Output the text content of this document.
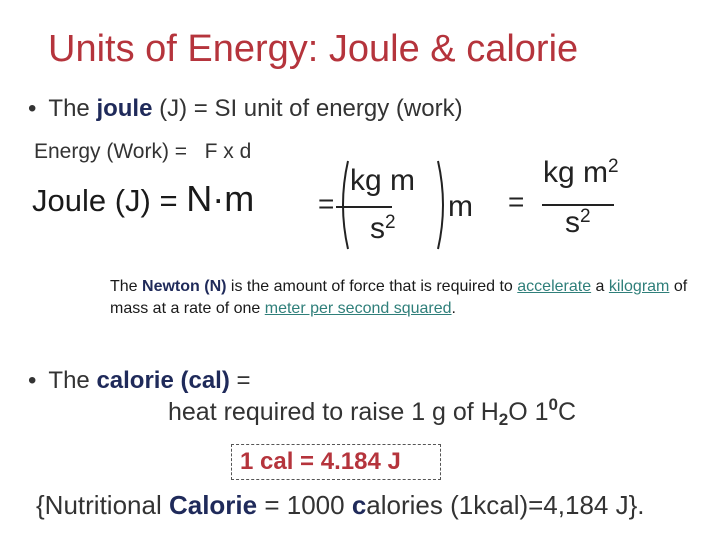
Units of Energy: Joule & calorie
• The joule (J) = SI unit of energy (work)
Energy (Work) =   F x d
Joule (J) = N·m =
kg m
$s^2$ m =
kg $m^2$
$s^2$
The Newton (N) is the amount of force that is required to accelerate a kilogram of mass at a rate of one meter per second squared.
• The calorie (cal) =
heat required to raise 1 g of $H_2O$ $1^0C$
1 cal = 4.184 J
{Nutritional Calorie = 1000 calories (1kcal)=4,184 J}.
